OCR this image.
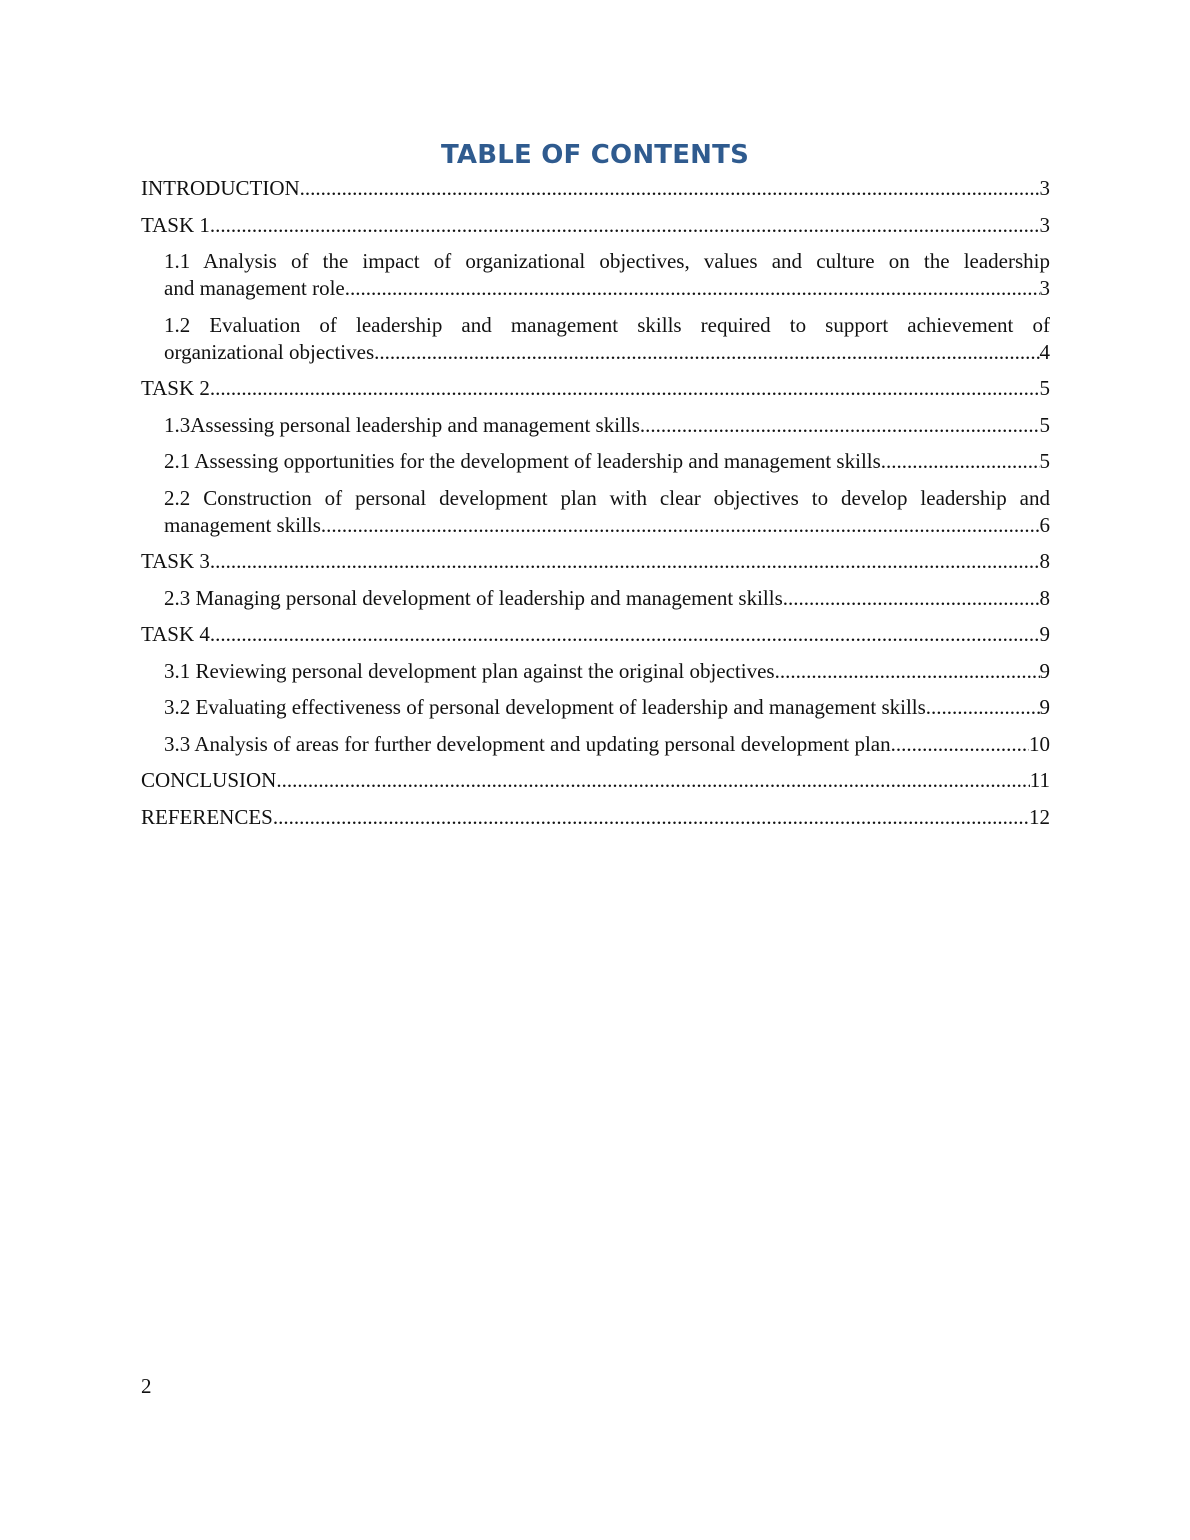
TABLE OF CONTENTS
INTRODUCTION .....	3
TASK 1 .....	3
1.1 Analysis of the impact of organizational objectives, values and culture on the leadership
and management role .....	3
1.2 Evaluation of leadership and management skills required to support achievement of
organizational objectives .....	4
TASK 2 .....	5
1.3Assessing personal leadership and management skills .....	5
2.1 Assessing opportunities for the development of leadership and management skills .....	5
2.2 Construction of personal development plan with clear objectives to develop leadership and
management skills .....	6
TASK 3 .....	8
2.3 Managing personal development of leadership and management skills .....	8
TASK 4 .....	9
3.1 Reviewing personal development plan against the original objectives .....	9
3.2 Evaluating effectiveness of personal development of leadership and management skills .....	9
3.3 Analysis of areas for further development and updating personal development plan .....	10
CONCLUSION .....	11
REFERENCES .....	12
2
